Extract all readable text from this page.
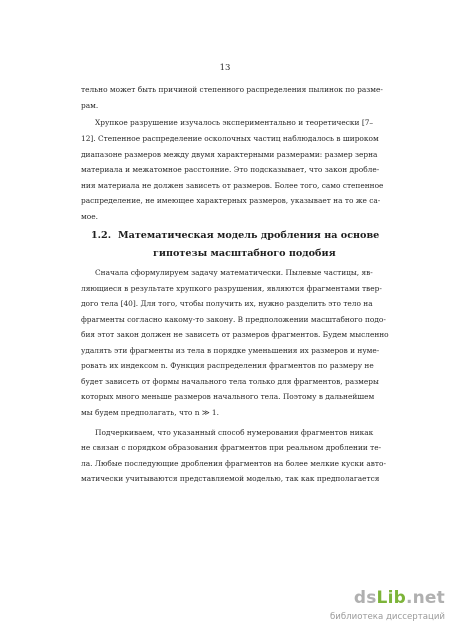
13
тельно может быть причиной степенного распределения пылинок по разме-
рам.
Хрупкое разрушение изучалось экспериментально и теоретически [7–
12]. Степенное распределение осколочных частиц наблюдалось в широком
диапазоне размеров между двумя характерными размерами: размер зерна
материала и межатомное расстояние. Это подсказывает, что закон дробле-
ния материала не должен зависеть от размеров. Более того, само степенное
распределение, не имеющее характерных размеров, указывает на то же са-
мое.
1.2. Математическая модель дробления на основе
гипотезы масштабного подобия
Сначала сформулируем задачу математически. Пылевые частицы, яв-
ляющиеся в результате хрупкого разрушения, являются фрагментами твер-
дого тела [40]. Для того, чтобы получить их, нужно разделить это тело на
фрагменты согласно какому-то закону. В предположении масштабного подо-
бия этот закон должен не зависеть от размеров фрагментов. Будем мысленно
удалять эти фрагменты из тела в порядке уменьшения их размеров и нуме-
ровать их индексом n. Функция распределения фрагментов по размеру не
будет зависеть от формы начального тела только для фрагментов, размеры
которых много меньше размеров начального тела. Поэтому в дальнейшем
мы будем предполагать, что n ≫ 1.
Подчеркиваем, что указанный способ нумерования фрагментов никак
не связан с порядком образования фрагментов при реальном дроблении те-
ла. Любые последующие дробления фрагментов на более мелкие куски авто-
матически учитываются представляемой моделью, так как предполагается
dsLib.net
библиотека диссертаций
